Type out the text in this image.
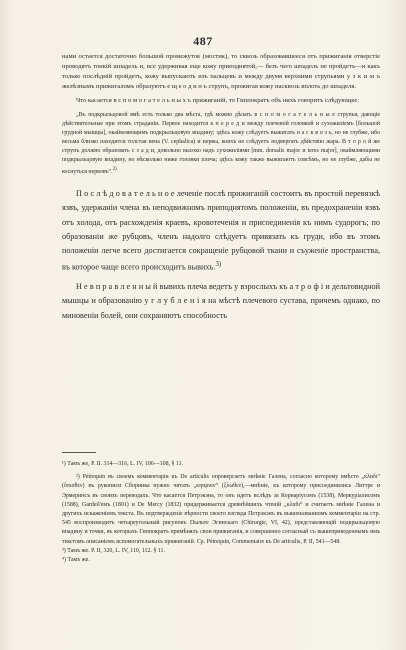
487

нами остается достаточно большой промежуток (мостик), то сквозь образовавшееся отъ прижиганія отверстіе проводятъ тонкій шпадель и, все удерживая еще кожу приподнятой,— безъ чего шпадель не пройдетъ—и какъ только послѣдній пройдетъ, кожу выпускають изъ пальцевъ и между двумя верхними струпьями у з к и м ъ желѣзнымъ прижигаломъ образуютъ е щ е о д и н ъ струпъ, прожигая кожу насквозь вплоть до шпаделя.

Что касается в с п о м о г а т е л ь н ы х ъ прижиганій, то Гиппократъ объ нихъ говоритъ слѣдующее:

„Въ подкрыльцовой ямѣ есть только два мѣста, гдѣ можно дѣлать в с п о м о г а т е л ь н ы е струпья, дающіе дѣйствительные при этомъ страданіи. Первое находится к п е р е д и между плечевой головкой и сухожиліемъ [большой грудной мышцы], окаймляющимъ подкрыльцовую впадину; здѣсь кожу слѣдуетъ выжигать н а с к в о з ь, но не глубже, ибо весьма близко находится толстая вена (V. cephalica) и нервы, коихъ не слѣдуетъ подвергать дѣйствію жара. В т о р о й же струпъ должно образовать с з а д и, довольно высоко надъ сухожиліями [mm. dorsalis major и teres major], окаймляющими подкрыльцовую впадину, но нѣсколько ниже головки плеча; здѣсь кожу также выжигаютъ совсѣмъ, но не глубже, дабы не коснуться нервовъ“.$^{2)}$

П о с л ѣ д о в а т е л ь н о е леченіе послѣ прижиганій состоитъ въ простой перевязкѣ язвъ, удержаніи члена въ неподвижномъ приподнятомъ положеніи, въ предохраненіи язвъ отъ холода, отъ расхожденія краевъ, кровотеченія и присоединенія къ нимъ судорогъ; по образованіи же рубцовъ, членъ надолго слѣдуетъ привязать къ груди, ибо въ этомъ положеніи легче всего достигается сокращеніе рубцовой ткани и съуженіе пространства, въ которое чаще всего происходитъ вывихъ.$^{3)}$

Н е в п р а в л е н н ы й вывихъ плеча ведетъ у взрослыхъ къ а т р о ф і и дельтовидной мышцы и образованію у г л у б л е н і я на мѣстѣ плечевого сустава, причемъ однако, по миновенiи болей, они сохраняютъ способность

¹) Тамъ же, P. II. 314—316, L. IV, 106—108, § 11.

²) Pétrequin въ своемъ комментаріи къ De articulis опровергаетъ мнѣніе Галена, согласно которому вмѣсто „κλαδι“ (ὄπισθεν) въ рукописи Сборника нужно читать „κηαρυιν“ (ξλωθεν),—мнѣніе, къ которому присоединились Литтре и Эрмеринсъ въ своихъ переводахъ. Что касается Петрэкэна, то онъ идетъ вслѣдъ за Корнаріусомъ (1538), Меркуріалисомъ (1588), Gardeil'емъ (1801) и De Mercy (1832) придерживается древнѣйшихъ чтеній „κλαδι“ и считаетъ мнѣніе Галена и другихъ искаженіемъ текста. Въ подтвержденіе вѣрности своего взгляда Петрэкэнъ въ вышеназванномъ комментаріи на стр. 545 воспроизводитъ четыреугольный рисунокъ Пыльте Эгинскаго (Chirurgie, VI, 42), представляющій подкрыльцовую впадину и точки, въ которыхъ Гиппократъ примѣнялъ свои прижиганія, и совершенно согласный съ вышеприведеннымъ имъ текстомъ описаніемъ вспомогательныхъ прижиганій. Ср. Pétrequin, Commentaire къ De articulis, P. II, 541—548.

³) Тамъ же. P. II, 320, L. IV, 110, 112. § 11.

⁴) Тамъ же.
